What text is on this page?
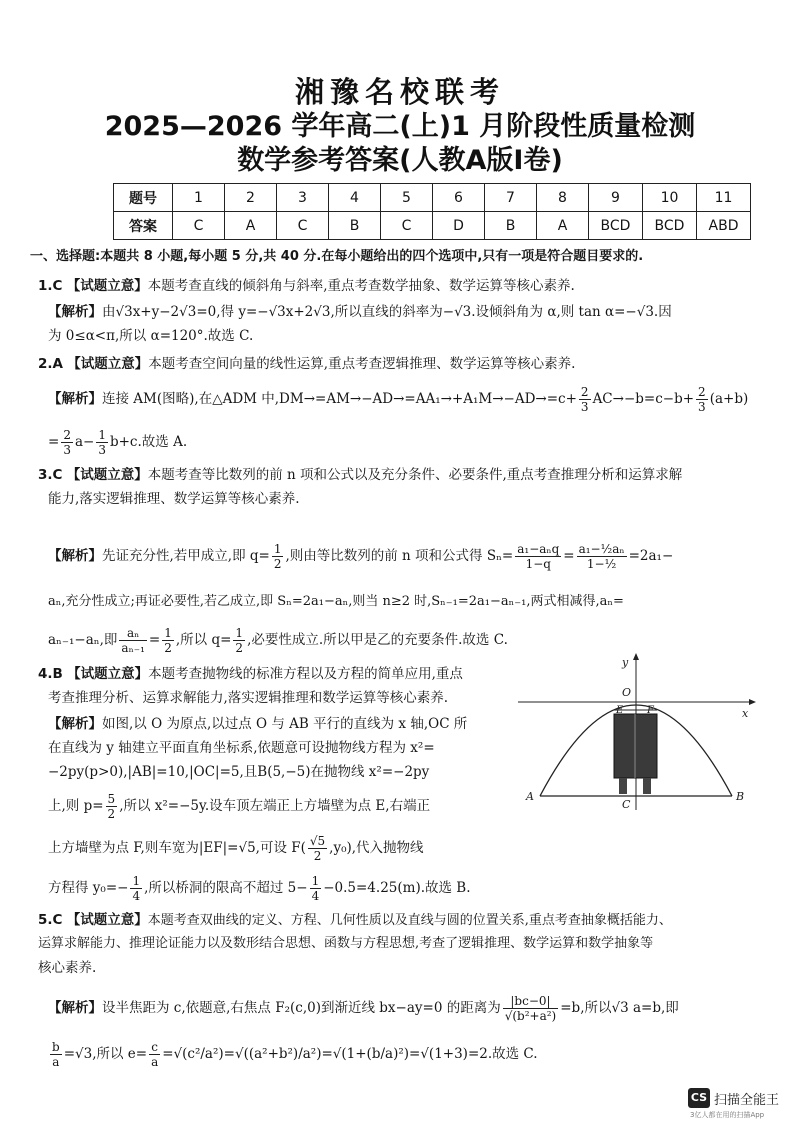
湘豫名校联考
2025—2026 学年高二(上)1 月阶段性质量检测
数学参考答案(人教A版Ⅰ卷)
题号	1	2	3	4	5	6	7	8	9	10	11
答案	C	A	C	B	C	D	B	A	BCD	BCD	ABD
一、选择题:本题共 8 小题,每小题 5 分,共 40 分.在每小题给出的四个选项中,只有一项是符合题目要求的.
1.C 【试题立意】本题考查直线的倾斜角与斜率,重点考查数学抽象、数学运算等核心素养.
【解析】由√3x+y−2√3=0,得 y=−√3x+2√3,所以直线的斜率为−√3.设倾斜角为 α,则 tan α=−√3.因
为 0≤α<π,所以 α=120°.故选 C.
2.A 【试题立意】本题考查空间向量的线性运算,重点考查逻辑推理、数学运算等核心素养.
【解析】连接 AM(图略),在△ADM 中$,DM\to=AM\to-AD\to=AA_1\to+A_1M\to-AD\to=c+ \frac{2}{3} AC\to-b=c-b+ \frac{2}{3} (a+b)$
= $\frac{2}{3} a- \frac{1}{3} b+c$.故选 A.
3.C 【试题立意】本题考查等比数列的前 n 项和公式以及充分条件、必要条件,重点考查推理分析和运算求解
能力,落实逻辑推理、数学运算等核心素养.
【解析】先证充分性,若甲成立,即 $q= \frac{1}{2}$ ,则由等比数列的前 n 项和公式得 $S_n= \frac{\text{a₁−aₙq}}{1-q} = \frac{\text{a₁−½aₙ}}{\text{1−½}} =2a_1-$
aₙ,充分性成立;再证必要性,若乙成立,即 Sₙ=2a₁−aₙ,则当 n≥2 时,Sₙ₋₁=2a₁−aₙ₋₁,两式相减得,aₙ=
aₙ₋₁−aₙ,即 $\frac{\text{aₙ}}{\text{aₙ₋₁}} = \frac{1}{2}$ ,所以 $q= \frac{1}{2}$ ,必要性成立.所以甲是乙的充要条件.故选 C.
4.B 【试题立意】本题考查抛物线的标准方程以及方程的简单应用,重点
考查推理分析、运算求解能力,落实逻辑推理和数学运算等核心素养.
【解析】如图,以 O 为原点,以过点 O 与 AB 平行的直线为 x 轴,OC 所
在直线为 y 轴建立平面直角坐标系,依题意可设抛物线方程为 x²=
−2py(p>0),|AB|=10,|OC|=5,且B(5,−5)在抛物线 x²=−2py
上,则 $p= \frac{5}{2}$ ,所以 x²=−5y.设车顶左端正上方墙壁为点 E,右端正
上方墙壁为点 F,则车宽为|EF|=√5,可设 $F( \frac{√5}{2} ,y_0)$,代入抛物线
方程得 $y_0=- \frac{1}{4}$ ,所以桥洞的限高不超过 $5- \frac{1}{4} -0.5=4.25(m)$.故选 B.
y
x
O
E F
A	B
C
5.C 【试题立意】本题考查双曲线的定义、方程、几何性质以及直线与圆的位置关系,重点考查抽象概括能力、
运算求解能力、推理论证能力以及数形结合思想、函数与方程思想,考查了逻辑推理、数学运算和数学抽象等
核心素养.
【解析】设半焦距为 c,依题意,右焦点 F₂(c,0)到渐近线 bx−ay=0 的距离为 $\frac{|bc-0|}{\text{√(b²+a²)}} =b$,所以√3 a=b,即
$\frac{b}{a} =√3$,所以 $e= \frac{c}{a} =√(c^2/a^2)=√((a^2+b^2)/a^2)=√(1+(b/a)^2)=√(1+3)=2$.故选 C.
CS 扫描全能王
3亿人都在用的扫描App
